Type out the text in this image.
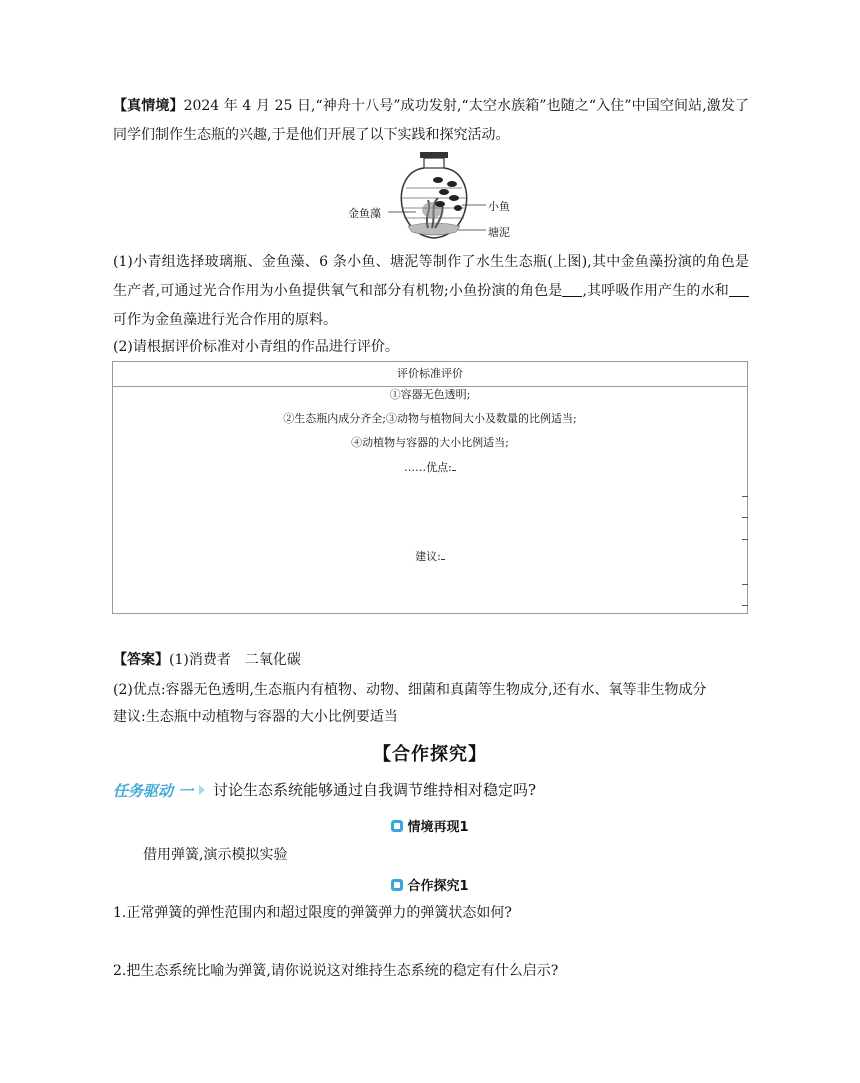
【真情境】2024 年 4 月 25 日,“神舟十八号”成功发射,“太空水族箱”也随之“入住”中国空间站,激发了同学们制作生态瓶的兴趣,于是他们开展了以下实践和探究活动。
金鱼藻
小鱼
塘泥
(1)小青组选择玻璃瓶、金鱼藻、6 条小鱼、塘泥等制作了水生生态瓶(上图),其中金鱼藻扮演的角色是生产者,可通过光合作用为小鱼提供氧气和部分有机物;小鱼扮演的角色是 ,其呼吸作用产生的水和可作为金鱼藻进行光合作用的原料。
(2)请根据评价标准对小青组的作品进行评价。
评价标准评价
①容器无色透明;
②生态瓶内成分齐全;③动物与植物间大小及数量的比例适当;
④动植物与容器的大小比例适当;
……优点:
建议:
【答案】(1)消费者　二氧化碳
(2)优点:容器无色透明,生态瓶内有植物、动物、细菌和真菌等生物成分,还有水、氧等非生物成分
建议:生态瓶中动植物与容器的大小比例要适当
【合作探究】
任务驱动 一	讨论生态系统能够通过自我调节维持相对稳定吗?
情境再现1
借用弹簧,演示模拟实验
合作探究1
1.正常弹簧的弹性范围内和超过限度的弹簧弹力的弹簧状态如何?
2.把生态系统比喻为弹簧,请你说说这对维持生态系统的稳定有什么启示?
